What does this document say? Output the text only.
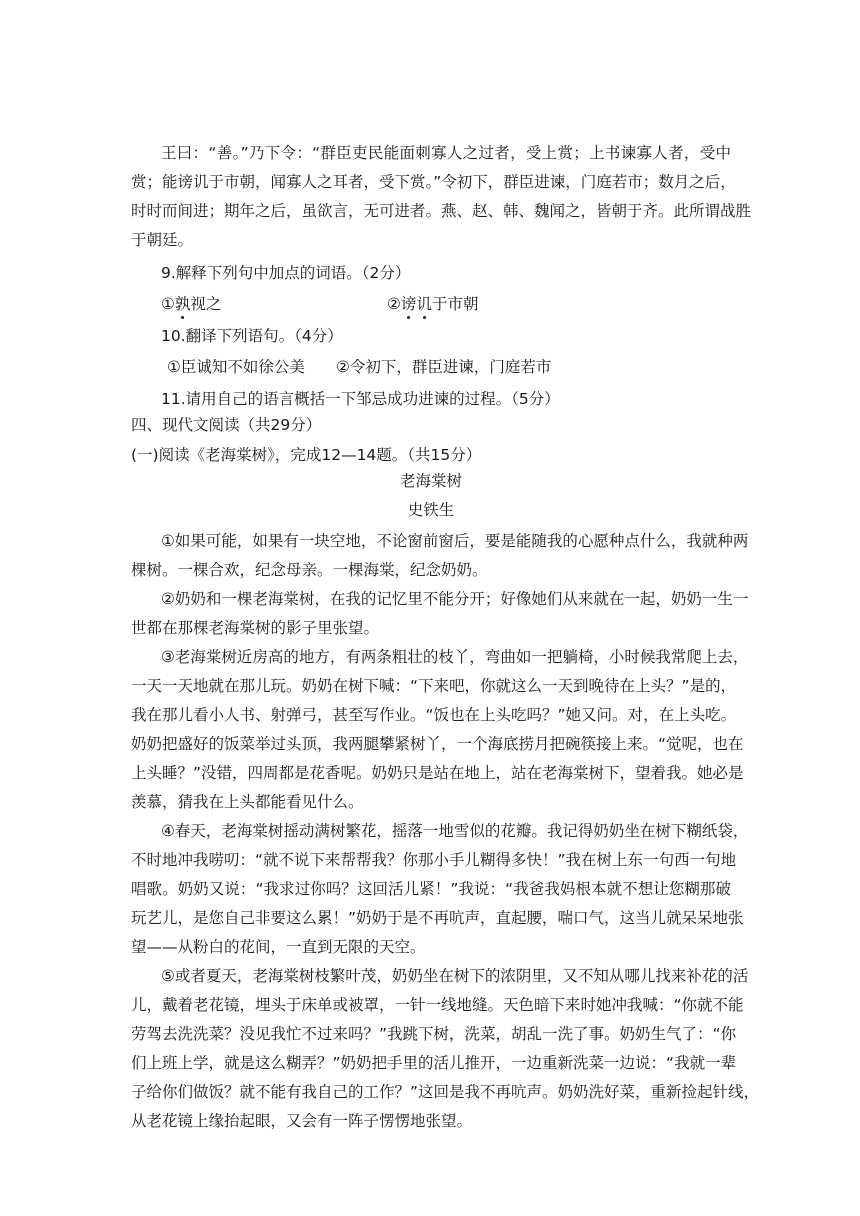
王曰：“善。”乃下令：“群臣吏民能面刺寡人之过者，受上赏；上书谏寡人者，受中
赏；能谤讥于市朝，闻寡人之耳者，受下赏。”令初下，群臣进谏，门庭若市；数月之后，
时时而间进；期年之后，虽欲言，无可进者。燕、赵、韩、魏闻之，皆朝于齐。此所谓战胜
于朝廷。
9.解释下列句中加点的词语。（2分）
①孰视之	②谤讥于市朝
10.翻译下列语句。（4分）
①臣诚知不如徐公美 ②令初下，群臣进谏，门庭若市
11.请用自己的语言概括一下邹忌成功进谏的过程。（5分）
四、现代文阅读（共29分）
(一)阅读《老海棠树》，完成12—14题。（共15分）
老海棠树
史铁生
①如果可能，如果有一块空地，不论窗前窗后，要是能随我的心愿种点什么，我就种两
棵树。一棵合欢，纪念母亲。一棵海棠，纪念奶奶。
②奶奶和一棵老海棠树，在我的记忆里不能分开；好像她们从来就在一起，奶奶一生一
世都在那棵老海棠树的影子里张望。
③老海棠树近房高的地方，有两条粗壮的枝丫，弯曲如一把躺椅，小时候我常爬上去，
一天一天地就在那儿玩。奶奶在树下喊：“下来吧，你就这么一天到晚待在上头？”是的，
我在那儿看小人书、射弹弓，甚至写作业。“饭也在上头吃吗？”她又问。对，在上头吃。
奶奶把盛好的饭菜举过头顶，我两腿攀紧树丫，一个海底捞月把碗筷接上来。“觉呢，也在
上头睡？”没错，四周都是花香呢。奶奶只是站在地上，站在老海棠树下，望着我。她必是
羡慕，猜我在上头都能看见什么。
④春天，老海棠树摇动满树繁花，摇落一地雪似的花瓣。我记得奶奶坐在树下糊纸袋，
不时地冲我唠叨：“就不说下来帮帮我？你那小手儿糊得多快！”我在树上东一句西一句地
唱歌。奶奶又说：“我求过你吗？这回活儿紧！”我说：“我爸我妈根本就不想让您糊那破
玩艺儿，是您自己非要这么累！”奶奶于是不再吭声，直起腰，喘口气，这当儿就呆呆地张
望——从粉白的花间，一直到无限的天空。
⑤或者夏天，老海棠树枝繁叶茂，奶奶坐在树下的浓阴里，又不知从哪儿找来补花的活
儿，戴着老花镜，埋头于床单或被罩，一针一线地缝。天色暗下来时她冲我喊：“你就不能
劳驾去洗洗菜？没见我忙不过来吗？”我跳下树，洗菜，胡乱一洗了事。奶奶生气了：“你
们上班上学，就是这么糊弄？”奶奶把手里的活儿推开，一边重新洗菜一边说：“我就一辈
子给你们做饭？就不能有我自己的工作？”这回是我不再吭声。奶奶洗好菜，重新捡起针线，
从老花镜上缘抬起眼，又会有一阵子愣愣地张望。
